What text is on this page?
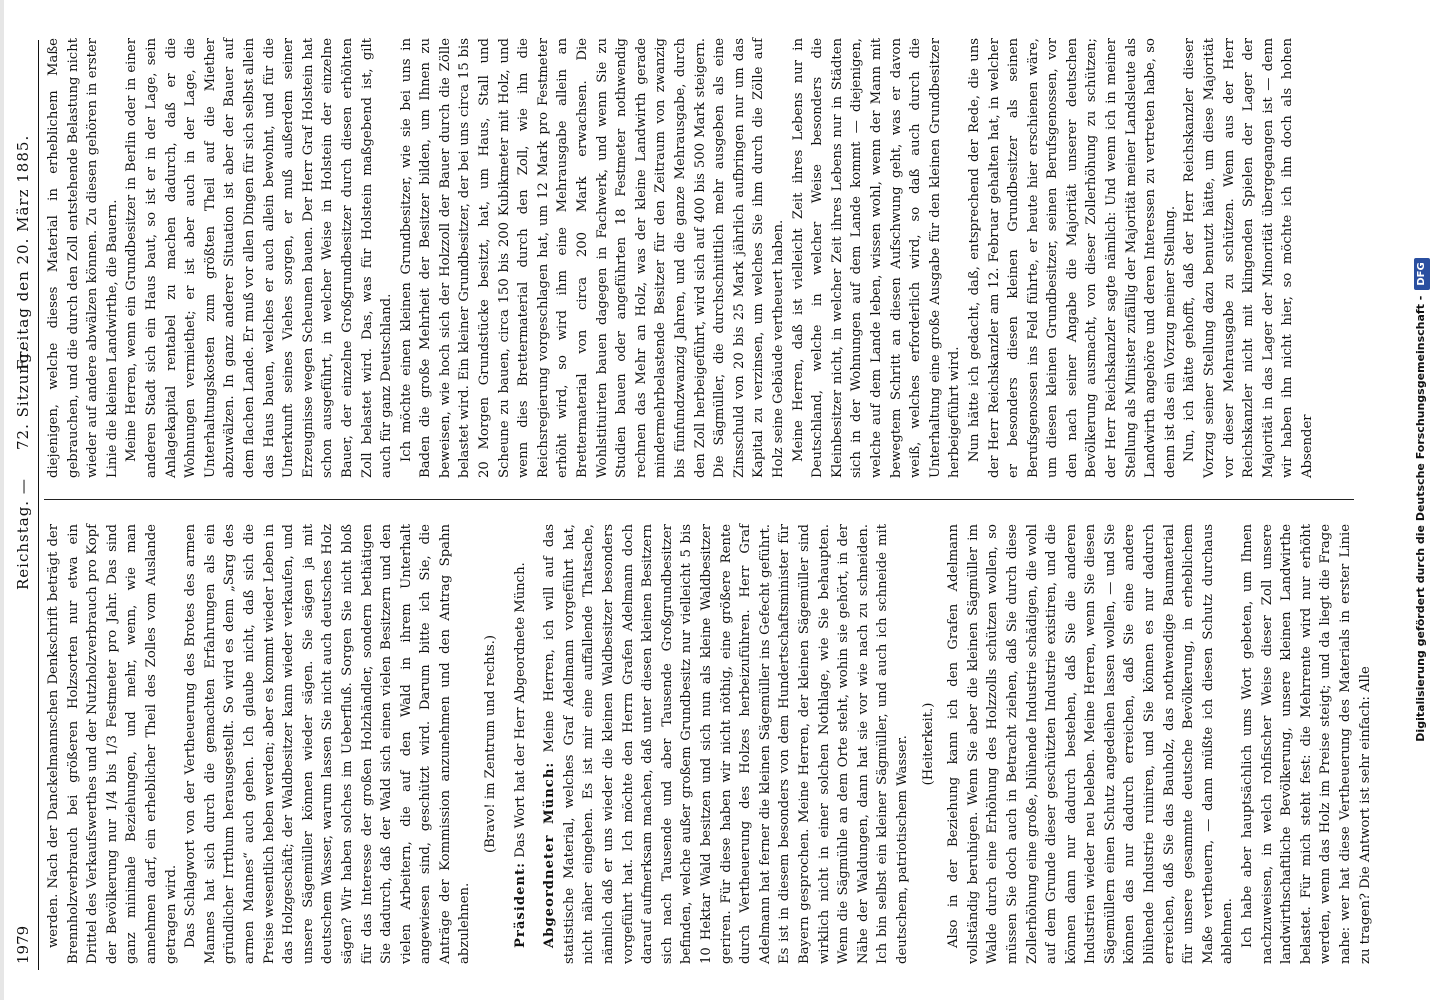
1979
Reichstag. —
72. Sitzung.
Freitag den 20. März 1885.

werden. Nach der Danckelmannschen Denkschrift beträgt der Brennholzverbrauch bei größeren Holzsorten nur etwa ein Drittel des Verkaufswerthes und der Nutzholzverbrauch pro Kopf der Bevölkerung nur 1/4 bis 1/3 Festmeter pro Jahr. Das sind ganz minimale Beziehungen, und mehr, wenn, wie man annehmen darf, ein erheblicher Theil des Zolles vom Auslande getragen wird. Das Schlagwort von der Vertheuerung des Brotes des armen Mannes hat sich durch die gemachten Erfahrungen als ein gründlicher Irrthum herausgestellt. So wird es denn „Sarg des armen Mannes“ auch gehen. Ich glaube nicht, daß sich die Preise wesentlich heben werden; aber es kommt wieder Leben in das Holzgeschäft; der Waldbesitzer kann wieder verkaufen, und unsere Sägemüller können wieder sägen. Sie sägen ja mit deutschem Wasser, warum lassen Sie nicht auch deutsches Holz sägen? Wir haben solches im Ueberfluß. Sorgen Sie nicht bloß für das Interesse der großen Holzhändler, sondern bethätigen Sie dadurch, daß der Wald sich einen vielen Besitzern und den vielen Arbeitern, die auf den Wald in ihrem Unterhalt angewiesen sind, geschützt wird. Darum bitte ich Sie, die Anträge der Kommission anzunehmen und den Antrag Spahn abzulehnen.

(Bravo! im Zentrum und rechts.)

Präsident: Das Wort hat der Herr Abgeordnete Münch. Abgeordneter Münch: Meine Herren, ich will auf das statistische Material, welches Graf Adelmann vorgeführt hat, nicht näher eingehen. Es ist mir eine auffallende Thatsache, nämlich daß er uns wieder die kleinen Waldbesitzer besonders vorgeführt hat. Ich möchte den Herrn Grafen Adelmann doch darauf aufmerksam machen, daß unter diesen kleinen Besitzern sich nach Tausende und aber Tausende Großgrundbesitzer befinden, welche außer großem Grundbesitz nur vielleicht 5 bis 10 Hektar Wald besitzen und sich nun als kleine Waldbesitzer geriren. Für diese haben wir nicht nöthig, eine größere Rente durch Vertheuerung des Holzes herbeizuführen. Herr Graf Adelmann hat ferner die kleinen Sägemüller ins Gefecht geführt. Es ist in diesem besonders von dem Hundertschaftsminister für Bayern gesprochen. Meine Herren, der kleinen Sägemüller sind wirklich nicht in einer solchen Nothlage, wie Sie behaupten. Wenn die Sägmühle an dem Orte steht, wohin sie gehört, in der Nähe der Waldungen, dann hat sie vor wie nach zu schneiden. Ich bin selbst ein kleiner Sägmüller, und auch ich schneide mit deutschem, patriotischem Wasser. (Heiterkeit.) Also in der Beziehung kann ich den Grafen Adelmann vollständig beruhigen. Wenn Sie aber die kleinen Sägmüller im Walde durch eine Erhöhung des Holzzolls schützen wollen, so müssen Sie doch auch in Betracht ziehen, daß Sie durch diese Zollerhöhung eine große, blühende Industrie schädigen, die wohl auf dem Grunde dieser geschützten Industrie existiren, und die können dann nur dadurch bestehen, daß Sie die anderen Industrien wieder neu beleben. Meine Herren, wenn Sie diesen Sägemüllern einen Schutz angedeihen lassen wollen, — und Sie können das nur dadurch erreichen, daß Sie eine andere blühende Industrie ruiniren, und Sie können es nur dadurch erreichen, daß Sie das Bauholz, das nothwendige Baumaterial für unsere gesammte deutsche Bevölkerung, in erheblichem Maße vertheuern, — dann müßte ich diesen Schutz durchaus ablehnen. Ich habe aber hauptsächlich ums Wort gebeten, um Ihnen nachzuweisen, in welch rohfischer Weise dieser Zoll unsere landwirthschaftliche Bevölkerung, unsere kleinen Landwirthe belastet. Für mich steht fest: die Mehrrente wird nur erhöht werden, wenn das Holz im Preise steigt; und da liegt die Frage nahe: wer hat diese Vertheuerung des Materials in erster Linie zu tragen? Die Antwort ist sehr einfach: Alle

diejenigen, welche dieses Material in erheblichem Maße gebrauchen, und die durch den Zoll entstehende Belastung nicht wieder auf andere abwälzen können. Zu diesen gehören in erster Linie die kleinen Landwirthe, die Bauern. Meine Herren, wenn ein Grundbesitzer in Berlin oder in einer anderen Stadt sich ein Haus baut, so ist er in der Lage, sein Anlagekapital rentabel zu machen dadurch, daß er die Wohnungen vermiethet; er ist aber auch in der Lage, die Unterhaltungskosten zum größten Theil auf die Miether abzuwälzen. In ganz anderer Situation ist aber der Bauer auf dem flachen Lande. Er muß vor allen Dingen für sich selbst allein das Haus bauen, welches er auch allein bewohnt, und für die Unterkunft seines Viehes sorgen, er muß außerdem seiner Erzeugnisse wegen Scheunen bauen. Der Herr Graf Holstein hat schon ausgeführt, in welcher Weise in Holstein der einzelne Bauer, der einzelne Großgrundbesitzer durch diesen erhöhten Zoll belastet wird. Das, was für Holstein maßgebend ist, gilt auch für ganz Deutschland. Ich möchte einen kleinen Grundbesitzer, wie sie bei uns in Baden die große Mehrheit der Besitzer bilden, um Ihnen zu beweisen, wie hoch sich der Holzzoll der Bauer durch die Zölle belastet wird. Ein kleiner Grundbesitzer, der bei uns circa 15 bis 20 Morgen Grundstücke besitzt, hat, um Haus, Stall und Scheune zu bauen, circa 150 bis 200 Kubikmeter mit Holz, und wenn dies Brettermaterial durch den Zoll, wie ihn die Reichsregierung vorgeschlagen hat, um 12 Mark pro Festmeter erhöht wird, so wird ihm eine Mehrausgabe allein an Brettermaterial von circa 200 Mark erwachsen. Die Wohlstituirten bauen dagegen in Fachwerk, und wenn Sie zu Studien bauen oder angeführten 18 Festmeter nothwendig rechnen das Mehr an Holz, was der kleine Landwirth gerade mindermehrbelastende Besitzer für den Zeitraum von zwanzig bis fünfundzwanzig Jahren, und die ganze Mehrausgabe, durch den Zoll herbeigeführt, wird sich auf 400 bis 500 Mark steigern. Die Sägmüller, die durchschnittlich mehr ausgeben als eine Zinsschuld von 20 bis 25 Mark jährlich aufbringen nur um das Kapital zu verzinsen, um welches Sie ihm durch die Zölle auf Holz seine Gebäude vertheuert haben. Meine Herren, daß ist vielleicht Zeit ihres Lebens nur in Deutschland, welche in welcher Weise besonders die Kleinbesitzer nicht, in welcher Zeit ihres Lebens nur in Städten sich in der Wohnungen auf dem Lande kommt — diejenigen, welche auf dem Lande leben, wissen wohl, wenn der Mann mit bewegtem Schritt an diesen Aufschwung geht, was er davon weiß, welches erforderlich wird, so daß auch durch die Unterhaltung eine große Ausgabe für den kleinen Grundbesitzer herbeigeführt wird. Nun hätte ich gedacht, daß, entsprechend der Rede, die uns der Herr Reichskanzler am 12. Februar gehalten hat, in welcher er besonders diesen kleinen Grundbesitzer als seinen Berufsgenossen ins Feld führte, er heute hier erschienen wäre, um diesen kleinen Grundbesitzer, seinen Berufsgenossen, vor den nach seiner Angabe die Majorität unserer deutschen Bevölkerung ausmacht, von dieser Zollerhöhung zu schützen; der Herr Reichskanzler sagte nämlich: Und wenn ich in meiner Stellung als Minister zufällig der Majorität meiner Landsleute als Landwirth angehöre und deren Interessen zu vertreten habe, so denn ist das ein Vorzug meiner Stellung. Nun, ich hätte gehofft, daß der Herr Reichskanzler dieser Vorzug seiner Stellung dazu benutzt hätte, um diese Majorität vor dieser Mehrausgabe zu schützen. Wenn aus der Herr Reichskanzler nicht mit klingenden Spielen der Lager der Majorität in das Lager der Minorität übergegangen ist — denn wir haben ihn nicht hier, so möchte ich ihn doch als hohen Absender	Digitalisierung gefördert durch die Deutsche Forschungsgemeinschaft -DFG
